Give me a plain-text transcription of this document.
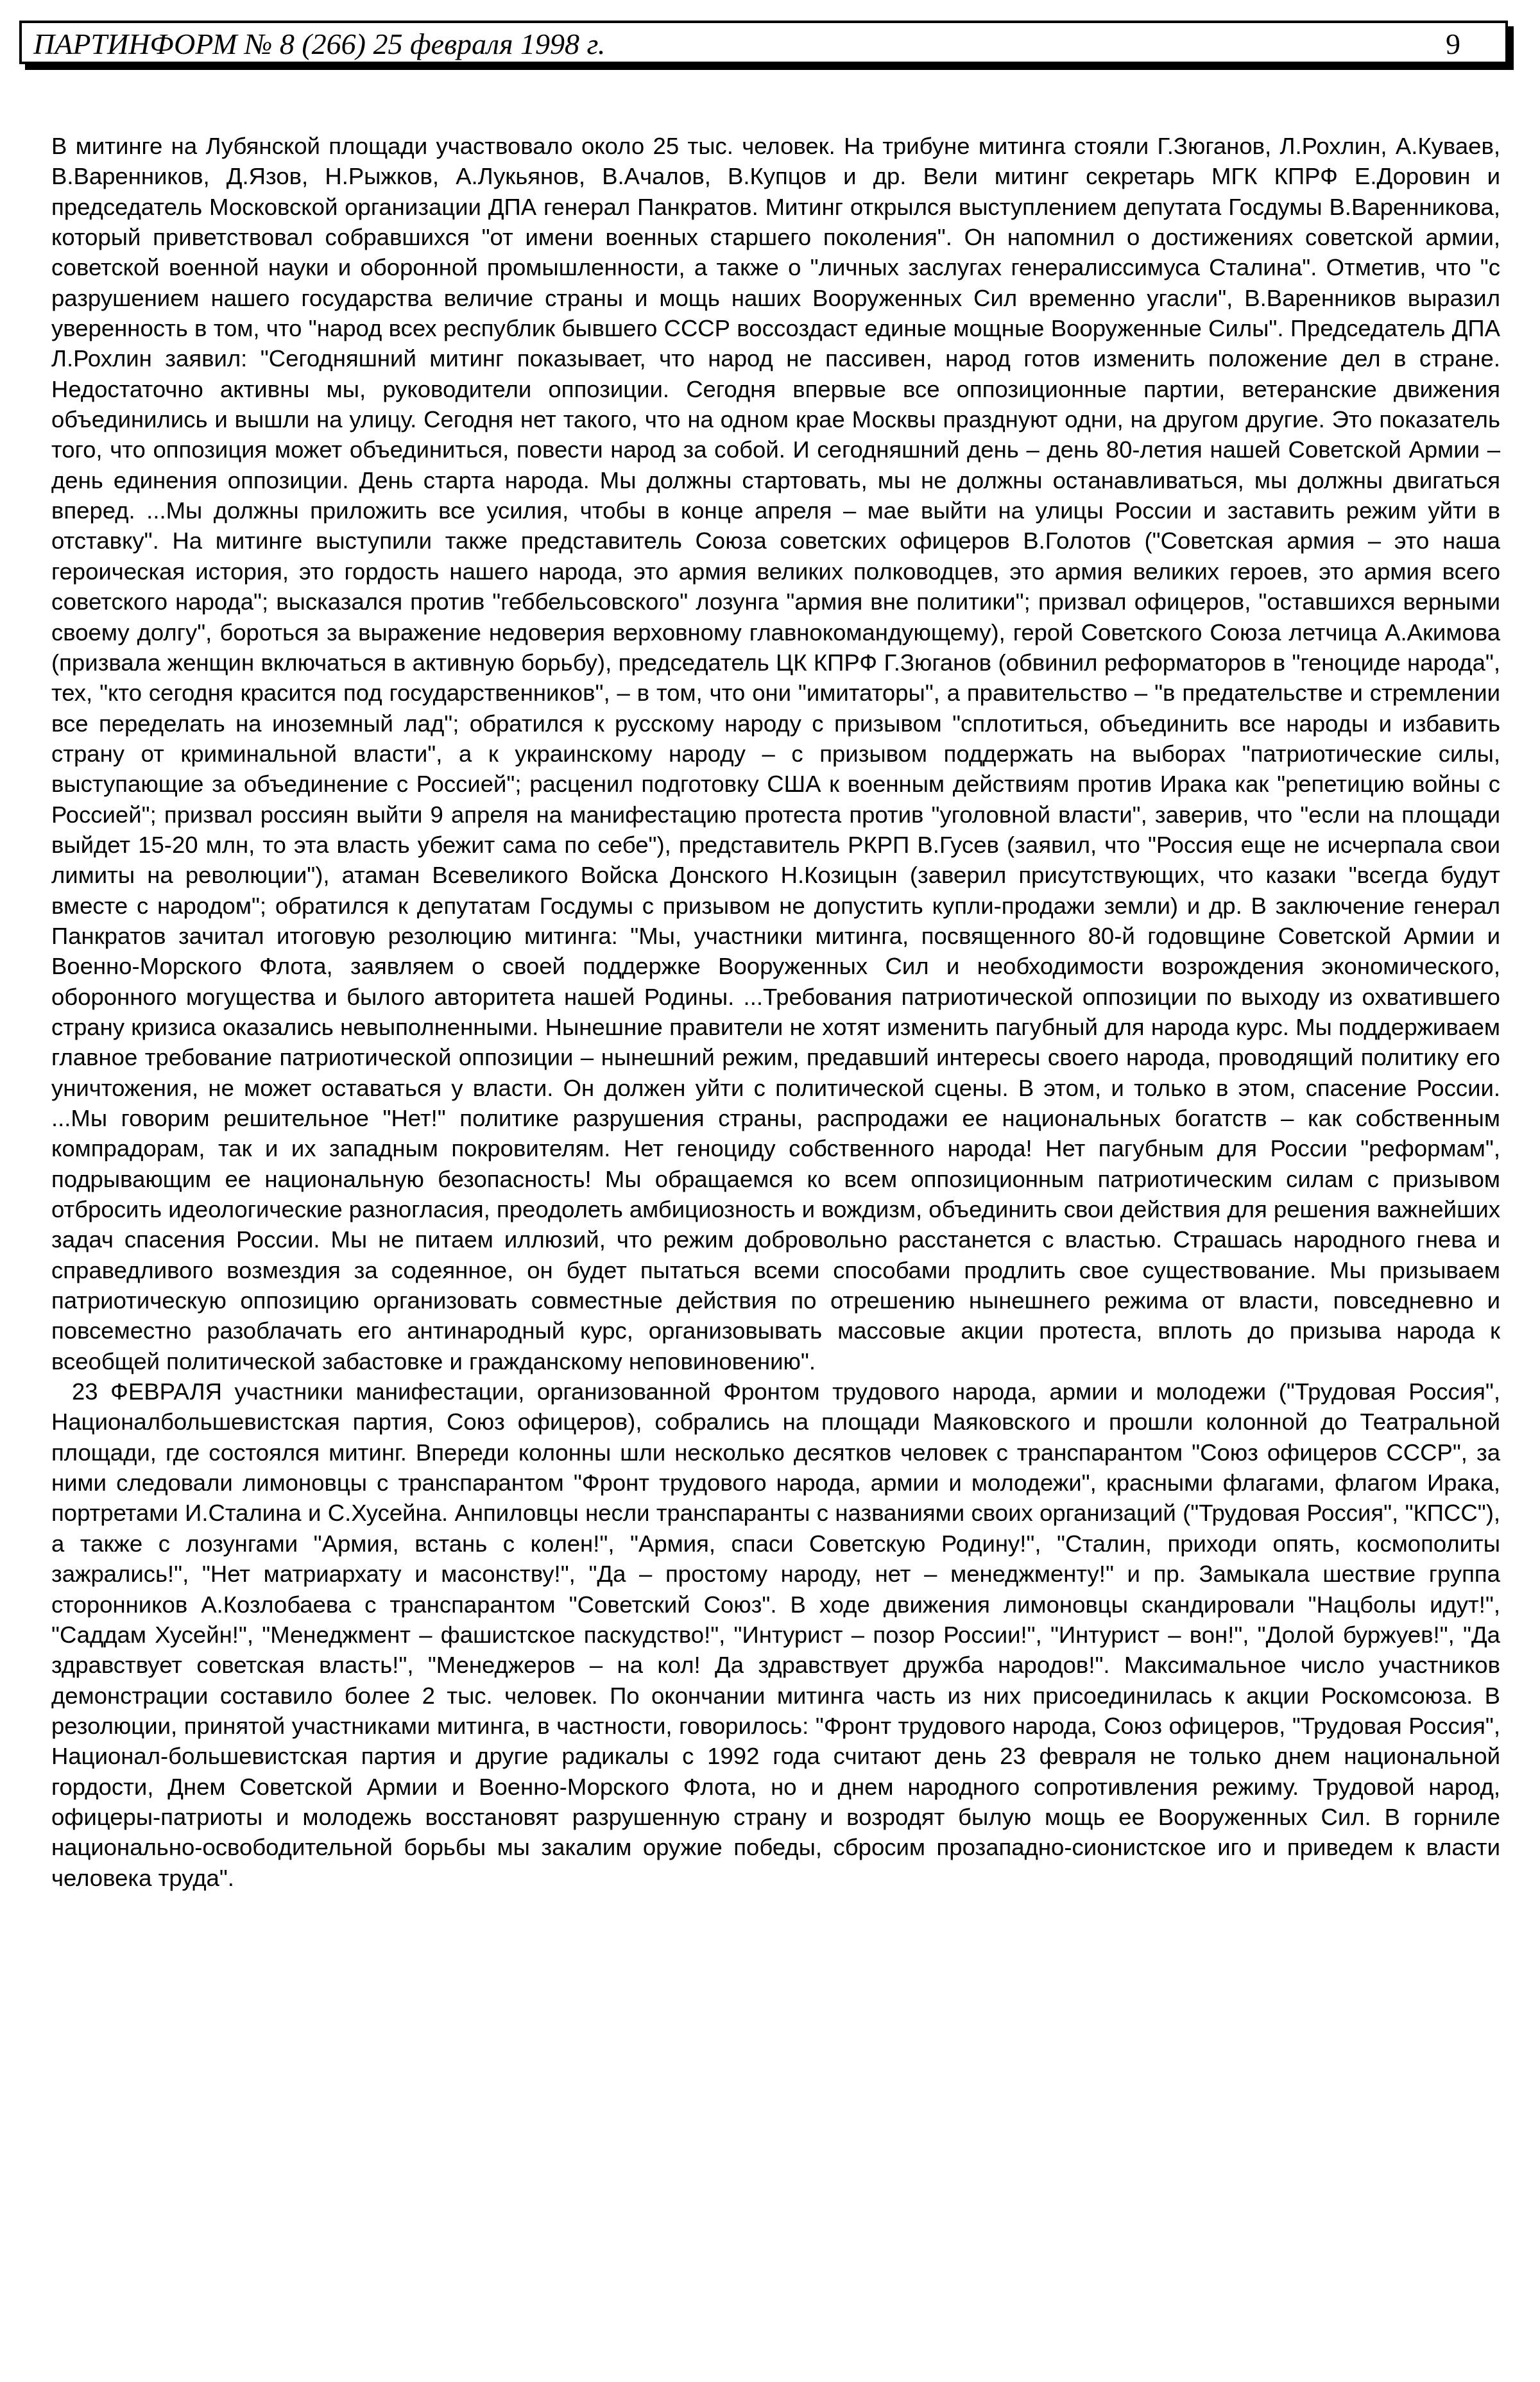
ПАРТИНФОРМ № 8 (266) 25 февраля 1998 г.	9

В митинге на Лубянской площади участвовало около 25 тыс. человек. На трибуне митинга стояли Г.Зюганов, Л.Рохлин, А.Куваев, В.Варенников, Д.Язов, Н.Рыжков, А.Лукьянов, В.Ачалов, В.Купцов и др. Вели митинг секретарь МГК КПРФ Е.Доровин и председатель Московской организации ДПА генерал Панкратов. Митинг открылся выступлением депутата Госдумы В.Варенникова, который приветствовал собравшихся "от имени военных старшего поколения". Он напомнил о достижениях советской армии, советской военной науки и оборонной промышленности, а также о "личных заслугах генералиссимуса Сталина". Отметив, что "с разрушением нашего государства величие страны и мощь наших Вооруженных Сил временно угасли", В.Варенников выразил уверенность в том, что "народ всех республик бывшего СССР воссоздаст единые мощные Вооруженные Силы". Председатель ДПА Л.Рохлин заявил: "Сегодняшний митинг показывает, что народ не пассивен, народ готов изменить положение дел в стране. Недостаточно активны мы, руководители оппозиции. Сегодня впервые все оппозиционные партии, ветеранские движения объединились и вышли на улицу. Сегодня нет такого, что на одном крае Москвы празднуют одни, на другом другие. Это показатель того, что оппозиция может объединиться, повести народ за собой. И сегодняшний день – день 80-летия нашей Советской Армии – день единения оппозиции. День старта народа. Мы должны стартовать, мы не должны останавливаться, мы должны двигаться вперед. ...Мы должны приложить все усилия, чтобы в конце апреля – мае выйти на улицы России и заставить режим уйти в отставку". На митинге выступили также представитель Союза советских офицеров В.Голотов ("Советская армия – это наша героическая история, это гордость нашего народа, это армия великих полководцев, это армия великих героев, это армия всего советского народа"; высказался против "геббельсовского" лозунга "армия вне политики"; призвал офицеров, "оставшихся верными своему долгу", бороться за выражение недоверия верховному главнокомандующему), герой Советского Союза летчица А.Акимова (призвала женщин включаться в активную борьбу), председатель ЦК КПРФ Г.Зюганов (обвинил реформаторов в "геноциде народа", тех, "кто сегодня красится под государственников", – в том, что они "имитаторы", а правительство – "в предательстве и стремлении все переделать на иноземный лад"; обратился к русскому народу с призывом "сплотиться, объединить все народы и избавить страну от криминальной власти", а к украинскому народу – с призывом поддержать на выборах "патриотические силы, выступающие за объединение с Россией"; расценил подготовку США к военным действиям против Ирака как "репетицию войны с Россией"; призвал россиян выйти 9 апреля на манифестацию протеста против "уголовной власти", заверив, что "если на площади выйдет 15-20 млн, то эта власть убежит сама по себе"), представитель РКРП В.Гусев (заявил, что "Россия еще не исчерпала свои лимиты на революции"), атаман Всевеликого Войска Донского Н.Козицын (заверил присутствующих, что казаки "всегда будут вместе с народом"; обратился к депутатам Госдумы с призывом не допустить купли-продажи земли) и др. В заключение генерал Панкратов зачитал итоговую резолюцию митинга: "Мы, участники митинга, посвященного 80-й годовщине Советской Армии и Военно-Морского Флота, заявляем о своей поддержке Вооруженных Сил и необходимости возрождения экономического, оборонного могущества и былого авторитета нашей Родины. ...Требования патриотической оппозиции по выходу из охватившего страну кризиса оказались невыполненными. Нынешние правители не хотят изменить пагубный для народа курс. Мы поддерживаем главное требование патриотической оппозиции – нынешний режим, предавший интересы своего народа, проводящий политику его уничтожения, не может оставаться у власти. Он должен уйти с политической сцены. В этом, и только в этом, спасение России. ...Мы говорим решительное "Нет!" политике разрушения страны, распродажи ее национальных богатств – как собственным компрадорам, так и их западным покровителям. Нет геноциду собственного народа! Нет пагубным для России "реформам", подрывающим ее национальную безопасность! Мы обращаемся ко всем оппозиционным патриотическим силам с призывом отбросить идеологические разногласия, преодолеть амбициозность и вождизм, объединить свои действия для решения важнейших задач спасения России. Мы не питаем иллюзий, что режим добровольно расстанется с властью. Страшась народного гнева и справедливого возмездия за содеянное, он будет пытаться всеми способами продлить свое существование. Мы призываем патриотическую оппозицию организовать совместные действия по отрешению нынешнего режима от власти, повседневно и повсеместно разоблачать его антинародный курс, организовывать массовые акции протеста, вплоть до призыва народа к всеобщей политической забастовке и гражданскому неповиновению".

23 ФЕВРАЛЯ участники манифестации, организованной Фронтом трудового народа, армии и молодежи ("Трудовая Россия", Националбольшевистская партия, Союз офицеров), собрались на площади Маяковского и прошли колонной до Театральной площади, где состоялся митинг. Впереди колонны шли несколько десятков человек с транспарантом "Союз офицеров СССР", за ними следовали лимоновцы с транспарантом "Фронт трудового народа, армии и молодежи", красными флагами, флагом Ирака, портретами И.Сталина и С.Хусейна. Анпиловцы несли транспаранты с названиями своих организаций ("Трудовая Россия", "КПСС"), а также с лозунгами "Армия, встань с колен!", "Армия, спаси Советскую Родину!", "Сталин, приходи опять, космополиты зажрались!", "Нет матриархату и масонству!", "Да – простому народу, нет – менеджменту!" и пр. Замыкала шествие группа сторонников А.Козлобаева с транспарантом "Советский Союз". В ходе движения лимоновцы скандировали "Нацболы идут!", "Саддам Хусейн!", "Менеджмент – фашистское паскудство!", "Интурист – позор России!", "Интурист – вон!", "Долой буржуев!", "Да здравствует советская власть!", "Менеджеров – на кол! Да здравствует дружба народов!". Максимальное число участников демонстрации составило более 2 тыс. человек. По окончании митинга часть из них присоединилась к акции Роскомсоюза. В резолюции, принятой участниками митинга, в частности, говорилось: "Фронт трудового народа, Союз офицеров, "Трудовая Россия", Национал-большевистская партия и другие радикалы с 1992 года считают день 23 февраля не только днем национальной гордости, Днем Советской Армии и Военно-Морского Флота, но и днем народного сопротивления режиму. Трудовой народ, офицеры-патриоты и молодежь восстановят разрушенную страну и возродят былую мощь ее Вооруженных Сил. В горниле национально-освободительной борьбы мы закалим оружие победы, сбросим прозападно-сионистское иго и приведем к власти человека труда".
